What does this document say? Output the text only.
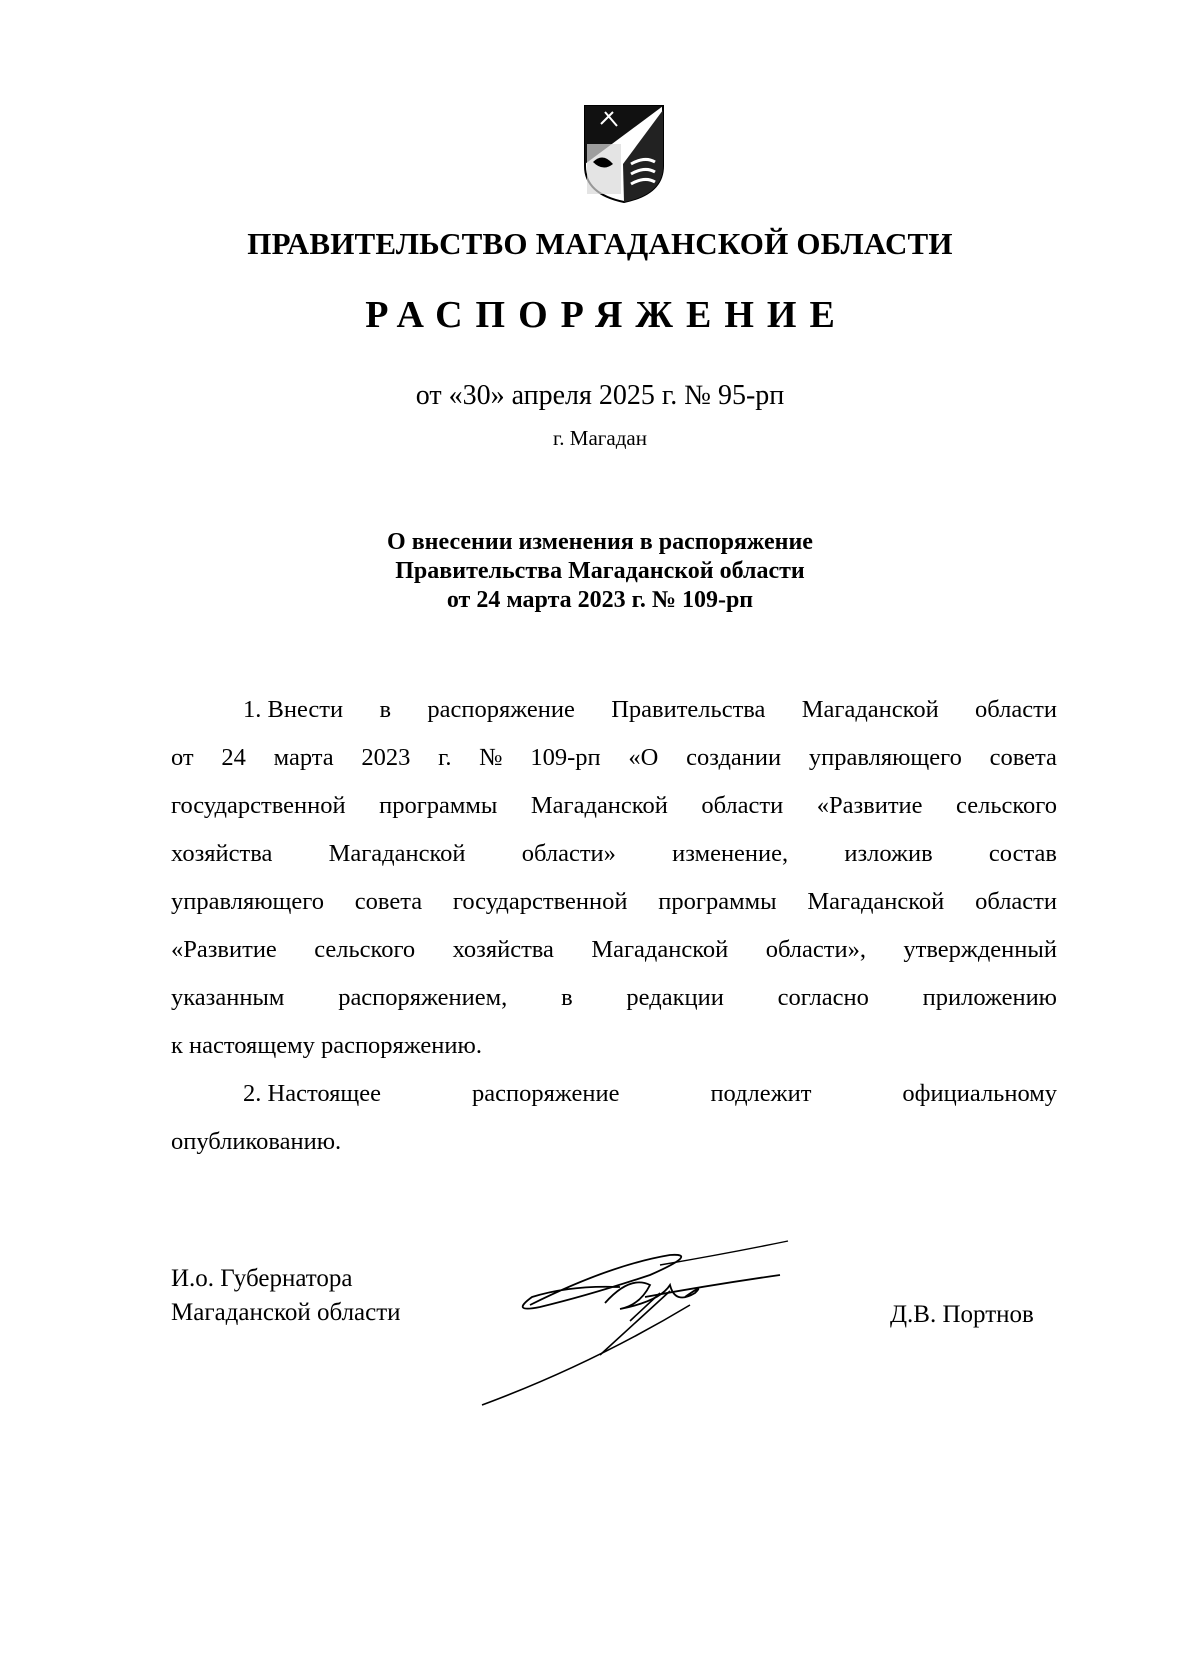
ПРАВИТЕЛЬСТВО МАГАДАНСКОЙ ОБЛАСТИ
РАСПОРЯЖЕНИЕ
от «30» апреля 2025 г. № 95-рп
г. Магадан
О внесении изменения в распоряжение
Правительства Магаданской области
от 24 марта 2023 г. № 109-рп
1. Внести в распоряжение Правительства Магаданской области
от 24 марта 2023 г. № 109-рп «О создании управляющего совета
государственной программы Магаданской области «Развитие сельского
хозяйства Магаданской области» изменение, изложив состав
управляющего совета государственной программы Магаданской области
«Развитие сельского хозяйства Магаданской области», утвержденный
указанным распоряжением, в редакции согласно приложению
к настоящему распоряжению.
2. Настоящее	распоряжение	подлежит	официальному
опубликованию.
И.о. Губернатора
Магаданской области	Д.В. Портнов
